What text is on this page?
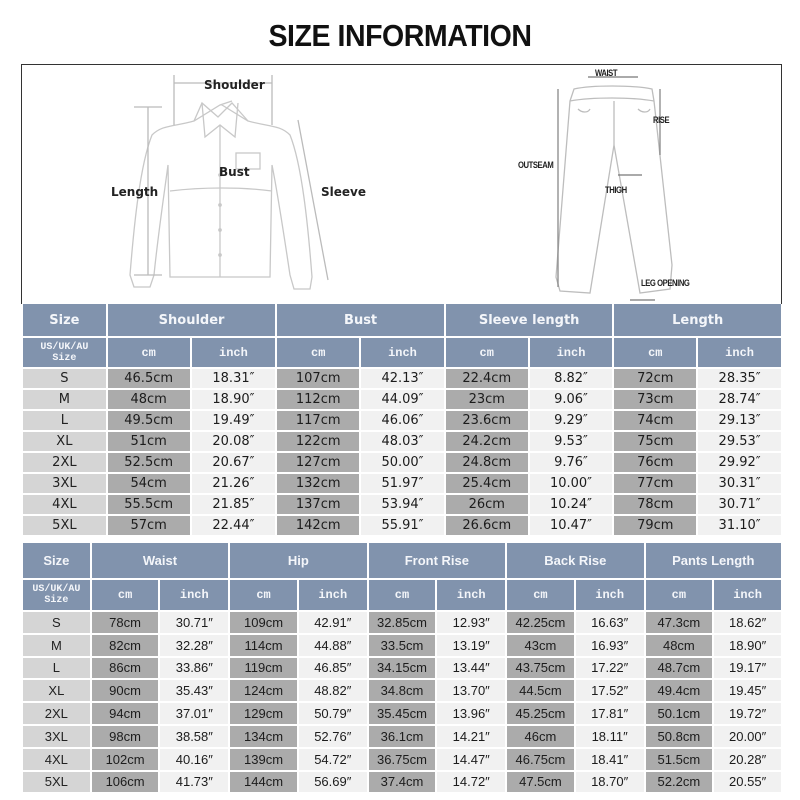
SIZE INFORMATION
Shoulder
Bust
Length	Sleeve
WAIST
RISE
OUTSEAM
THIGH
LEG OPENING
Size	Shoulder		Bust		Sleeve length		Length	
US/UK/AU
Size	cm	inch	cm	inch	cm	inch	cm	inch
S	46.5cm	18.31″	107cm	42.13″	22.4cm	8.82″	72cm	28.35″
M	48cm	18.90″	112cm	44.09″	23cm	9.06″	73cm	28.74″
L	49.5cm	19.49″	117cm	46.06″	23.6cm	9.29″	74cm	29.13″
XL	51cm	20.08″	122cm	48.03″	24.2cm	9.53″	75cm	29.53″
2XL	52.5cm	20.67″	127cm	50.00″	24.8cm	9.76″	76cm	29.92″
3XL	54cm	21.26″	132cm	51.97″	25.4cm	10.00″	77cm	30.31″
4XL	55.5cm	21.85″	137cm	53.94″	26cm	10.24″	78cm	30.71″
5XL	57cm	22.44″	142cm	55.91″	26.6cm	10.47″	79cm	31.10″
Size	Waist		Hip		Front Rise		Back Rise		Pants Length	
US/UK/AU
Size	cm	inch	cm	inch	cm	inch	cm	inch	cm	inch
S	78cm	30.71″	109cm	42.91″	32.85cm	12.93″	42.25cm	16.63″	47.3cm	18.62″
M	82cm	32.28″	114cm	44.88″	33.5cm	13.19″	43cm	16.93″	48cm	18.90″
L	86cm	33.86″	119cm	46.85″	34.15cm	13.44″	43.75cm	17.22″	48.7cm	19.17″
XL	90cm	35.43″	124cm	48.82″	34.8cm	13.70″	44.5cm	17.52″	49.4cm	19.45″
2XL	94cm	37.01″	129cm	50.79″	35.45cm	13.96″	45.25cm	17.81″	50.1cm	19.72″
3XL	98cm	38.58″	134cm	52.76″	36.1cm	14.21″	46cm	18.11″	50.8cm	20.00″
4XL	102cm	40.16″	139cm	54.72″	36.75cm	14.47″	46.75cm	18.41″	51.5cm	20.28″
5XL	106cm	41.73″	144cm	56.69″	37.4cm	14.72″	47.5cm	18.70″	52.2cm	20.55″
